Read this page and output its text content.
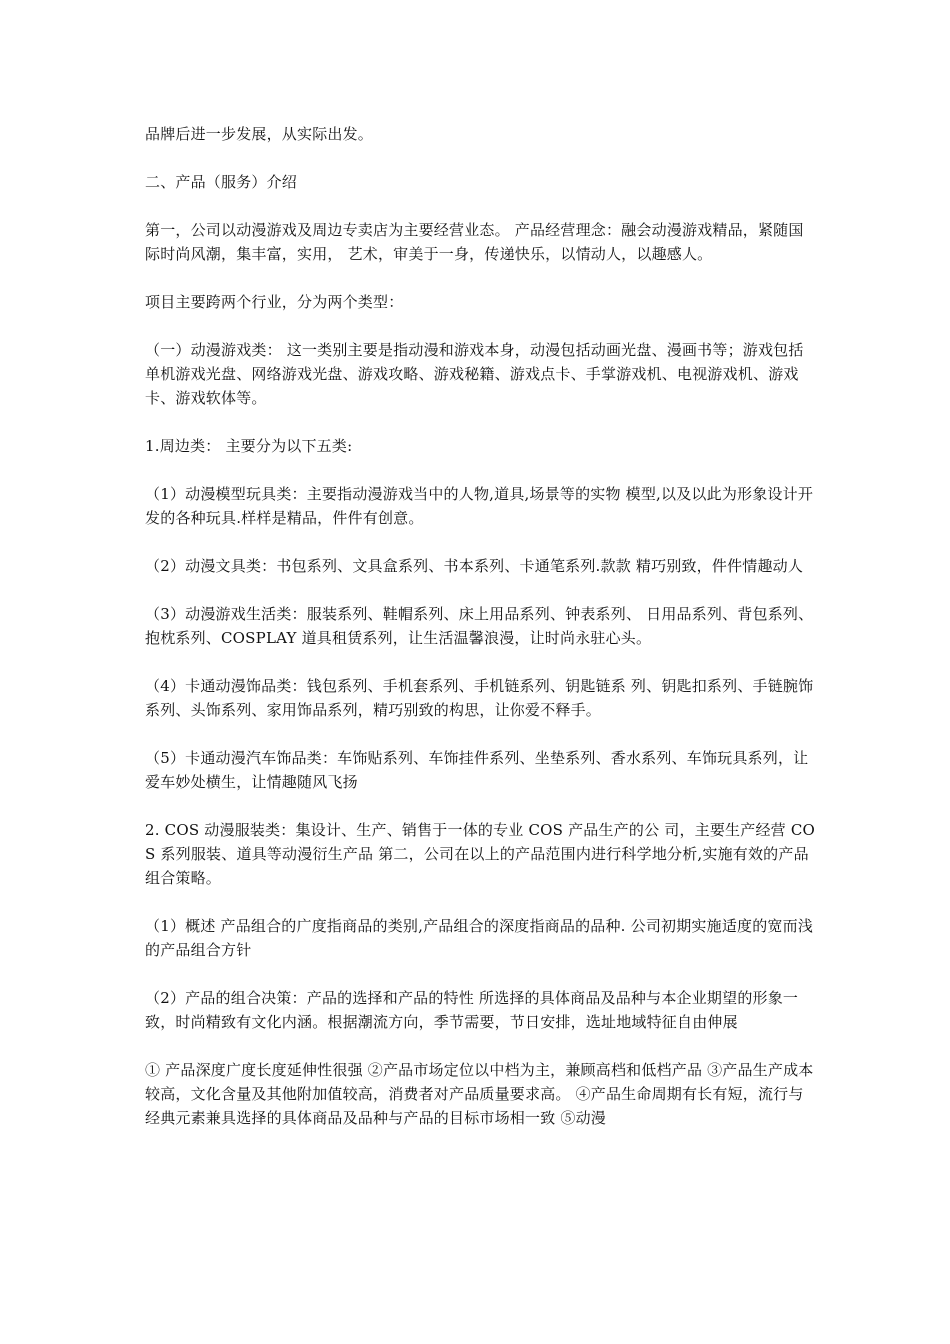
品牌后进一步发展，从实际出发。

二、产品（服务）介绍

第一，公司以动漫游戏及周边专卖店为主要经营业态。 产品经营理念：融会动漫游戏精品，紧随国际时尚风潮，集丰富，实用， 艺术，审美于一身，传递快乐，以情动人，以趣感人。

项目主要跨两个行业，分为两个类型：

（一）动漫游戏类： 这一类别主要是指动漫和游戏本身，动漫包括动画光盘、漫画书等；游戏包括单机游戏光盘、网络游戏光盘、游戏攻略、游戏秘籍、游戏点卡、手掌游戏机、电视游戏机、游戏卡、游戏软体等。

1.周边类： 主要分为以下五类:

（1）动漫模型玩具类：主要指动漫游戏当中的人物,道具,场景等的实物 模型,以及以此为形象设计开发的各种玩具.样样是精品，件件有创意。

（2）动漫文具类：书包系列、文具盒系列、书本系列、卡通笔系列.款款 精巧别致，件件情趣动人

（3）动漫游戏生活类：服装系列、鞋帽系列、床上用品系列、钟表系列、 日用品系列、背包系列、抱枕系列、COSPLAY 道具租赁系列，让生活温馨浪漫，让时尚永驻心头。

（4）卡通动漫饰品类：钱包系列、手机套系列、手机链系列、钥匙链系 列、钥匙扣系列、手链腕饰系列、头饰系列、家用饰品系列，精巧别致的构思，让你爱不释手。

（5）卡通动漫汽车饰品类：车饰贴系列、车饰挂件系列、坐垫系列、香水系列、车饰玩具系列，让爱车妙处横生，让情趣随风飞扬

2. COS 动漫服装类：集设计、生产、销售于一体的专业 COS 产品生产的公 司，主要生产经营 COS 系列服装、道具等动漫衍生产品 第二，公司在以上的产品范围内进行科学地分析,实施有效的产品组合策略。

（1）概述 产品组合的广度指商品的类别,产品组合的深度指商品的品种. 公司初期实施适度的宽而浅的产品组合方针

（2）产品的组合决策：产品的选择和产品的特性 所选择的具体商品及品种与本企业期望的形象一致，时尚精致有文化内涵。根据潮流方向，季节需要，节日安排，选址地域特征自由伸展

① 产品深度广度长度延伸性很强 ②产品市场定位以中档为主，兼顾高档和低档产品 ③产品生产成本较高，文化含量及其他附加值较高，消费者对产品质量要求高。 ④产品生命周期有长有短，流行与经典元素兼具选择的具体商品及品种与产品的目标市场相一致 ⑤动漫
